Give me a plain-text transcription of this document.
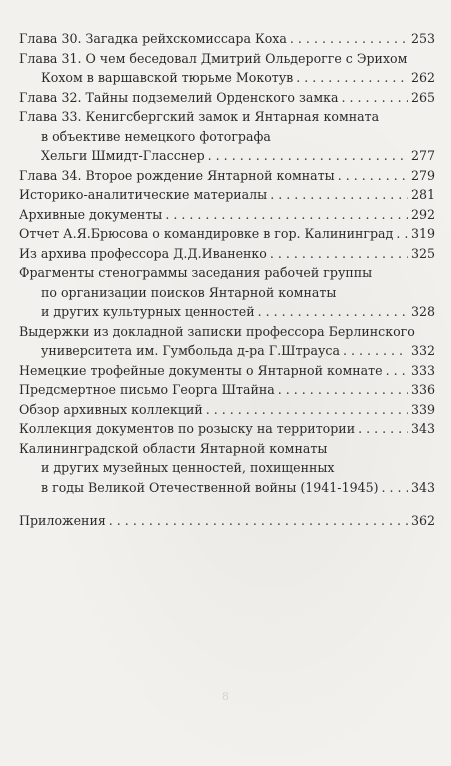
Глава 30. Загадка рейхскомиссара Коха . . .	253
Глава 31. О чем беседовал Дмитрий Ольдерогге с Эрихом
Кохом в варшавской тюрьме Мокотув . . .	262
Глава 32. Тайны подземелий Орденского замка . . .	265
Глава 33. Кенигсбергский замок и Янтарная комната
в объективе немецкого фотографа
Хельги Шмидт-Гласснер . . .	277
Глава 34. Второе рождение Янтарной комнаты . . .	279
Историко-аналитические материалы . . .	281
Архивные документы . . .	292
Отчет А.Я.Брюсова о командировке в гор. Калининград . . . 319
Из архива профессора Д.Д.Иваненко . . .	325
Фрагменты стенограммы заседания рабочей группы
по организации поисков Янтарной комнаты
и других культурных ценностей . . .	328
Выдержки из докладной записки профессора Берлинского
университета им. Гумбольда д-ра Г.Штрауса . . .	332
Немецкие трофейные документы о Янтарной комнате . . . 333
Предсмертное письмо Георга Штайна . . .	336
Обзор архивных коллекций . . .	339
Коллекция документов по розыску на территории . . .	343
Калининградской области Янтарной комнаты
и других музейных ценностей, похищенных
в годы Великой Отечественной войны (1941-1945) . . .	343
Приложения . . .	362
8
